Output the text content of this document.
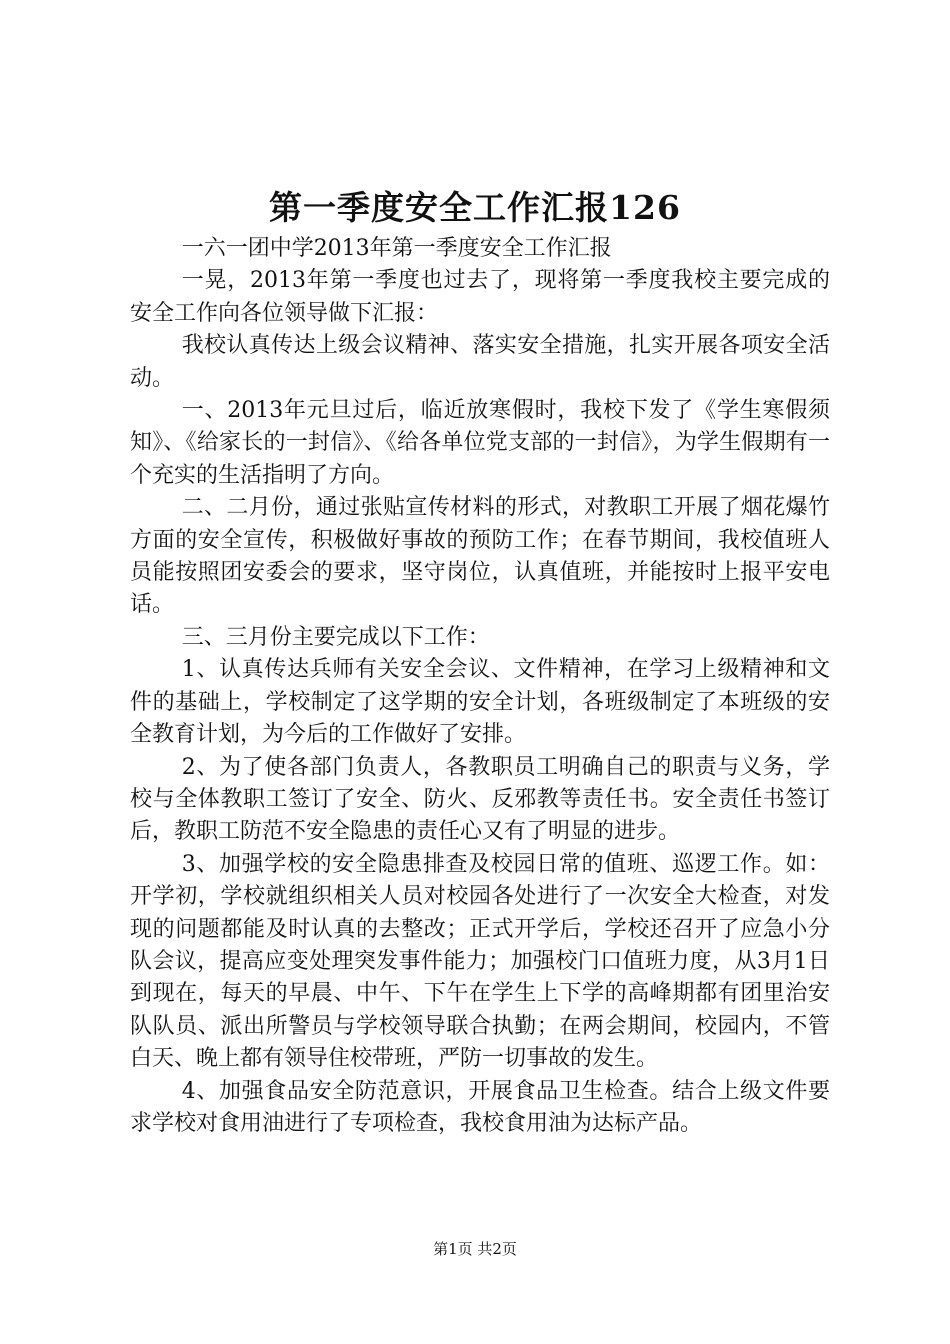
第一季度安全工作汇报126

一六一团中学2013年第一季度安全工作汇报

一晃，2013年第一季度也过去了，现将第一季度我校主要完成的安全工作向各位领导做下汇报：

我校认真传达上级会议精神、落实安全措施，扎实开展各项安全活动。

一、2013年元旦过后，临近放寒假时，我校下发了《学生寒假须知》、《给家长的一封信》、《给各单位党支部的一封信》，为学生假期有一个充实的生活指明了方向。

二、二月份，通过张贴宣传材料的形式，对教职工开展了烟花爆竹方面的安全宣传，积极做好事故的预防工作；在春节期间，我校值班人员能按照团安委会的要求，坚守岗位，认真值班，并能按时上报平安电话。

三、三月份主要完成以下工作：

1、认真传达兵师有关安全会议、文件精神，在学习上级精神和文件的基础上，学校制定了这学期的安全计划，各班级制定了本班级的安全教育计划，为今后的工作做好了安排。

2、为了使各部门负责人，各教职员工明确自己的职责与义务，学校与全体教职工签订了安全、防火、反邪教等责任书。安全责任书签订后，教职工防范不安全隐患的责任心又有了明显的进步。

3、加强学校的安全隐患排查及校园日常的值班、巡逻工作。如：开学初，学校就组织相关人员对校园各处进行了一次安全大检查，对发现的问题都能及时认真的去整改；正式开学后，学校还召开了应急小分队会议，提高应变处理突发事件能力；加强校门口值班力度，从3月1日到现在，每天的早晨、中午、下午在学生上下学的高峰期都有团里治安队队员、派出所警员与学校领导联合执勤；在两会期间，校园内，不管白天、晚上都有领导住校带班，严防一切事故的发生。

4、加强食品安全防范意识，开展食品卫生检查。结合上级文件要求学校对食用油进行了专项检查，我校食用油为达标产品。

第1页 共2页
